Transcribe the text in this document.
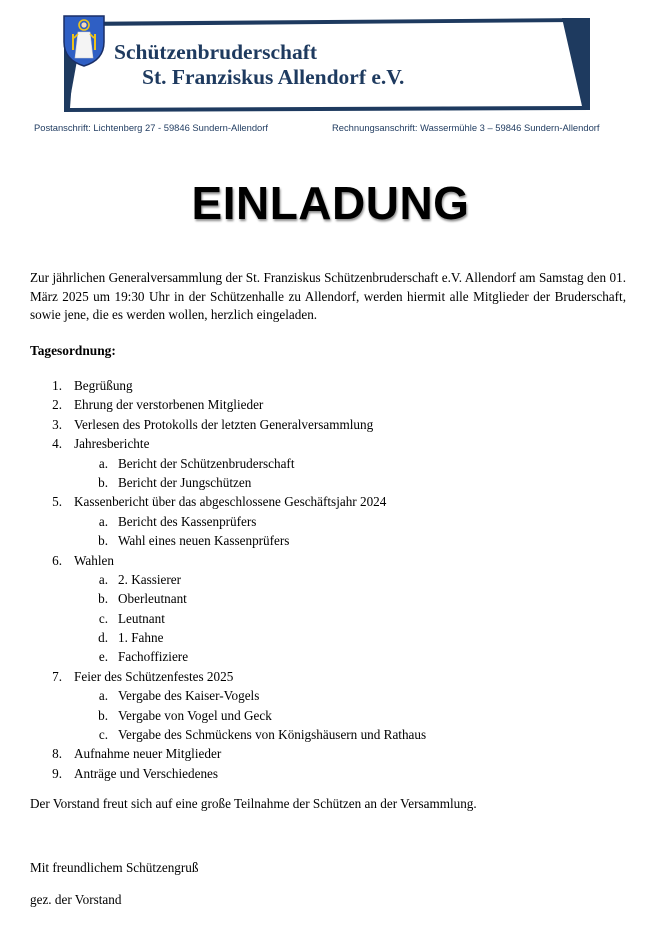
Schützenbruderschaft
St. Franziskus Allendorf e.V.
Postanschrift: Lichtenberg 27 - 59846 Sundern-Allendorf	Rechnungsanschrift: Wassermühle 3 – 59846 Sundern-Allendorf
EINLADUNG
Zur jährlichen Generalversammlung der St. Franziskus Schützenbruderschaft e.V. Allendorf am Samstag den 01. März 2025 um 19:30 Uhr in der Schützenhalle zu Allendorf, werden hiermit alle Mitglieder der Bruderschaft, sowie jene, die es werden wollen, herzlich eingeladen.
Tagesordnung:
1. Begrüßung
2. Ehrung der verstorbenen Mitglieder
3. Verlesen des Protokolls der letzten Generalversammlung
4. Jahresberichte
a. Bericht der Schützenbruderschaft
b. Bericht der Jungschützen
5. Kassenbericht über das abgeschlossene Geschäftsjahr 2024
a. Bericht des Kassenprüfers
b. Wahl eines neuen Kassenprüfers
6. Wahlen
a. 2. Kassierer
b. Oberleutnant
c. Leutnant
d. 1. Fahne
e. Fachoffiziere
7. Feier des Schützenfestes 2025
a. Vergabe des Kaiser-Vogels
b. Vergabe von Vogel und Geck
c. Vergabe des Schmückens von Königshäusern und Rathaus
8. Aufnahme neuer Mitglieder
9. Anträge und Verschiedenes
Der Vorstand freut sich auf eine große Teilnahme der Schützen an der Versammlung.
Mit freundlichem Schützengruß
gez. der Vorstand
